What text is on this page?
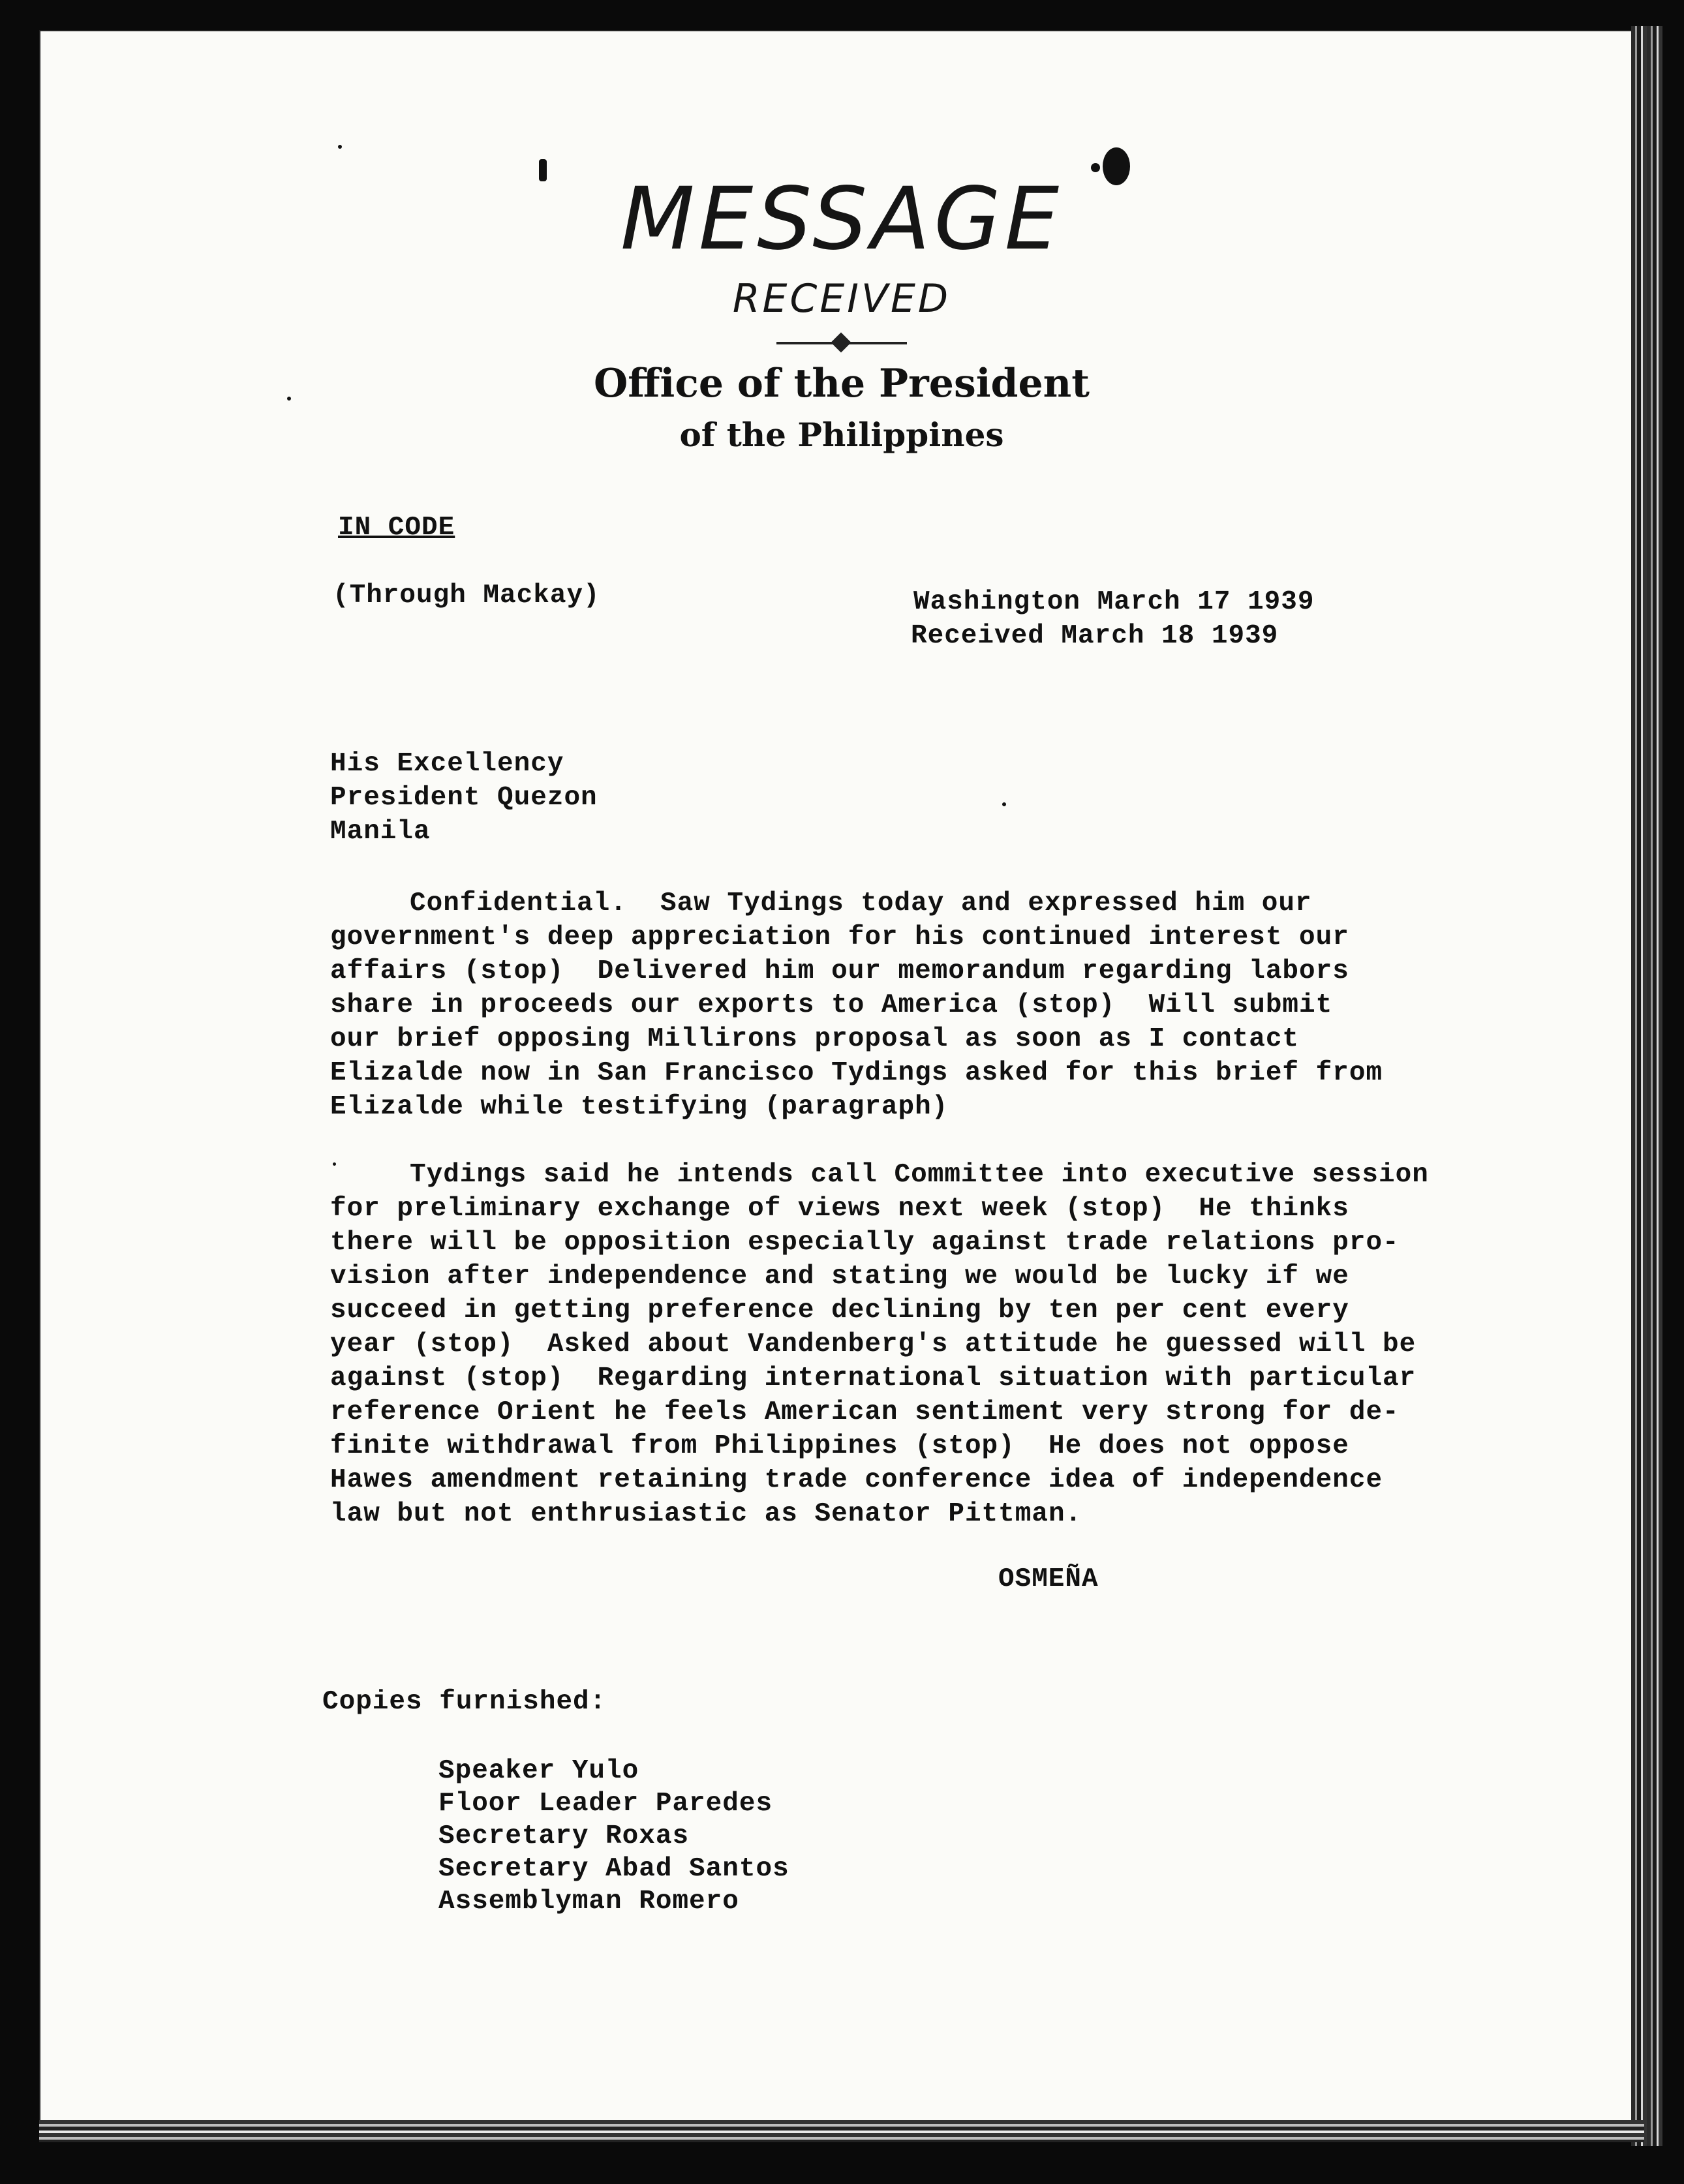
MESSAGE
RECEIVED
Office of the President
of the Philippines
IN CODE
(Through Mackay)	Washington March 17 1939
Received March 18 1939
His Excellency
President Quezon
Manila
Confidential.  Saw Tydings today and expressed him our
government's deep appreciation for his continued interest our
affairs (stop)  Delivered him our memorandum regarding labors
share in proceeds our exports to America (stop)  Will submit
our brief opposing Millirons proposal as soon as I contact
Elizalde now in San Francisco Tydings asked for this brief from
Elizalde while testifying (paragraph)
Tydings said he intends call Committee into executive session
for preliminary exchange of views next week (stop)  He thinks
there will be opposition especially against trade relations pro-
vision after independence and stating we would be lucky if we
succeed in getting preference declining by ten per cent every
year (stop)  Asked about Vandenberg's attitude he guessed will be
against (stop)  Regarding international situation with particular
reference Orient he feels American sentiment very strong for de-
finite withdrawal from Philippines (stop)  He does not oppose
Hawes amendment retaining trade conference idea of independence
law but not enthrusiastic as Senator Pittman.
OSMEÑA
Copies furnished:
Speaker Yulo
Floor Leader Paredes
Secretary Roxas
Secretary Abad Santos
Assemblyman Romero
